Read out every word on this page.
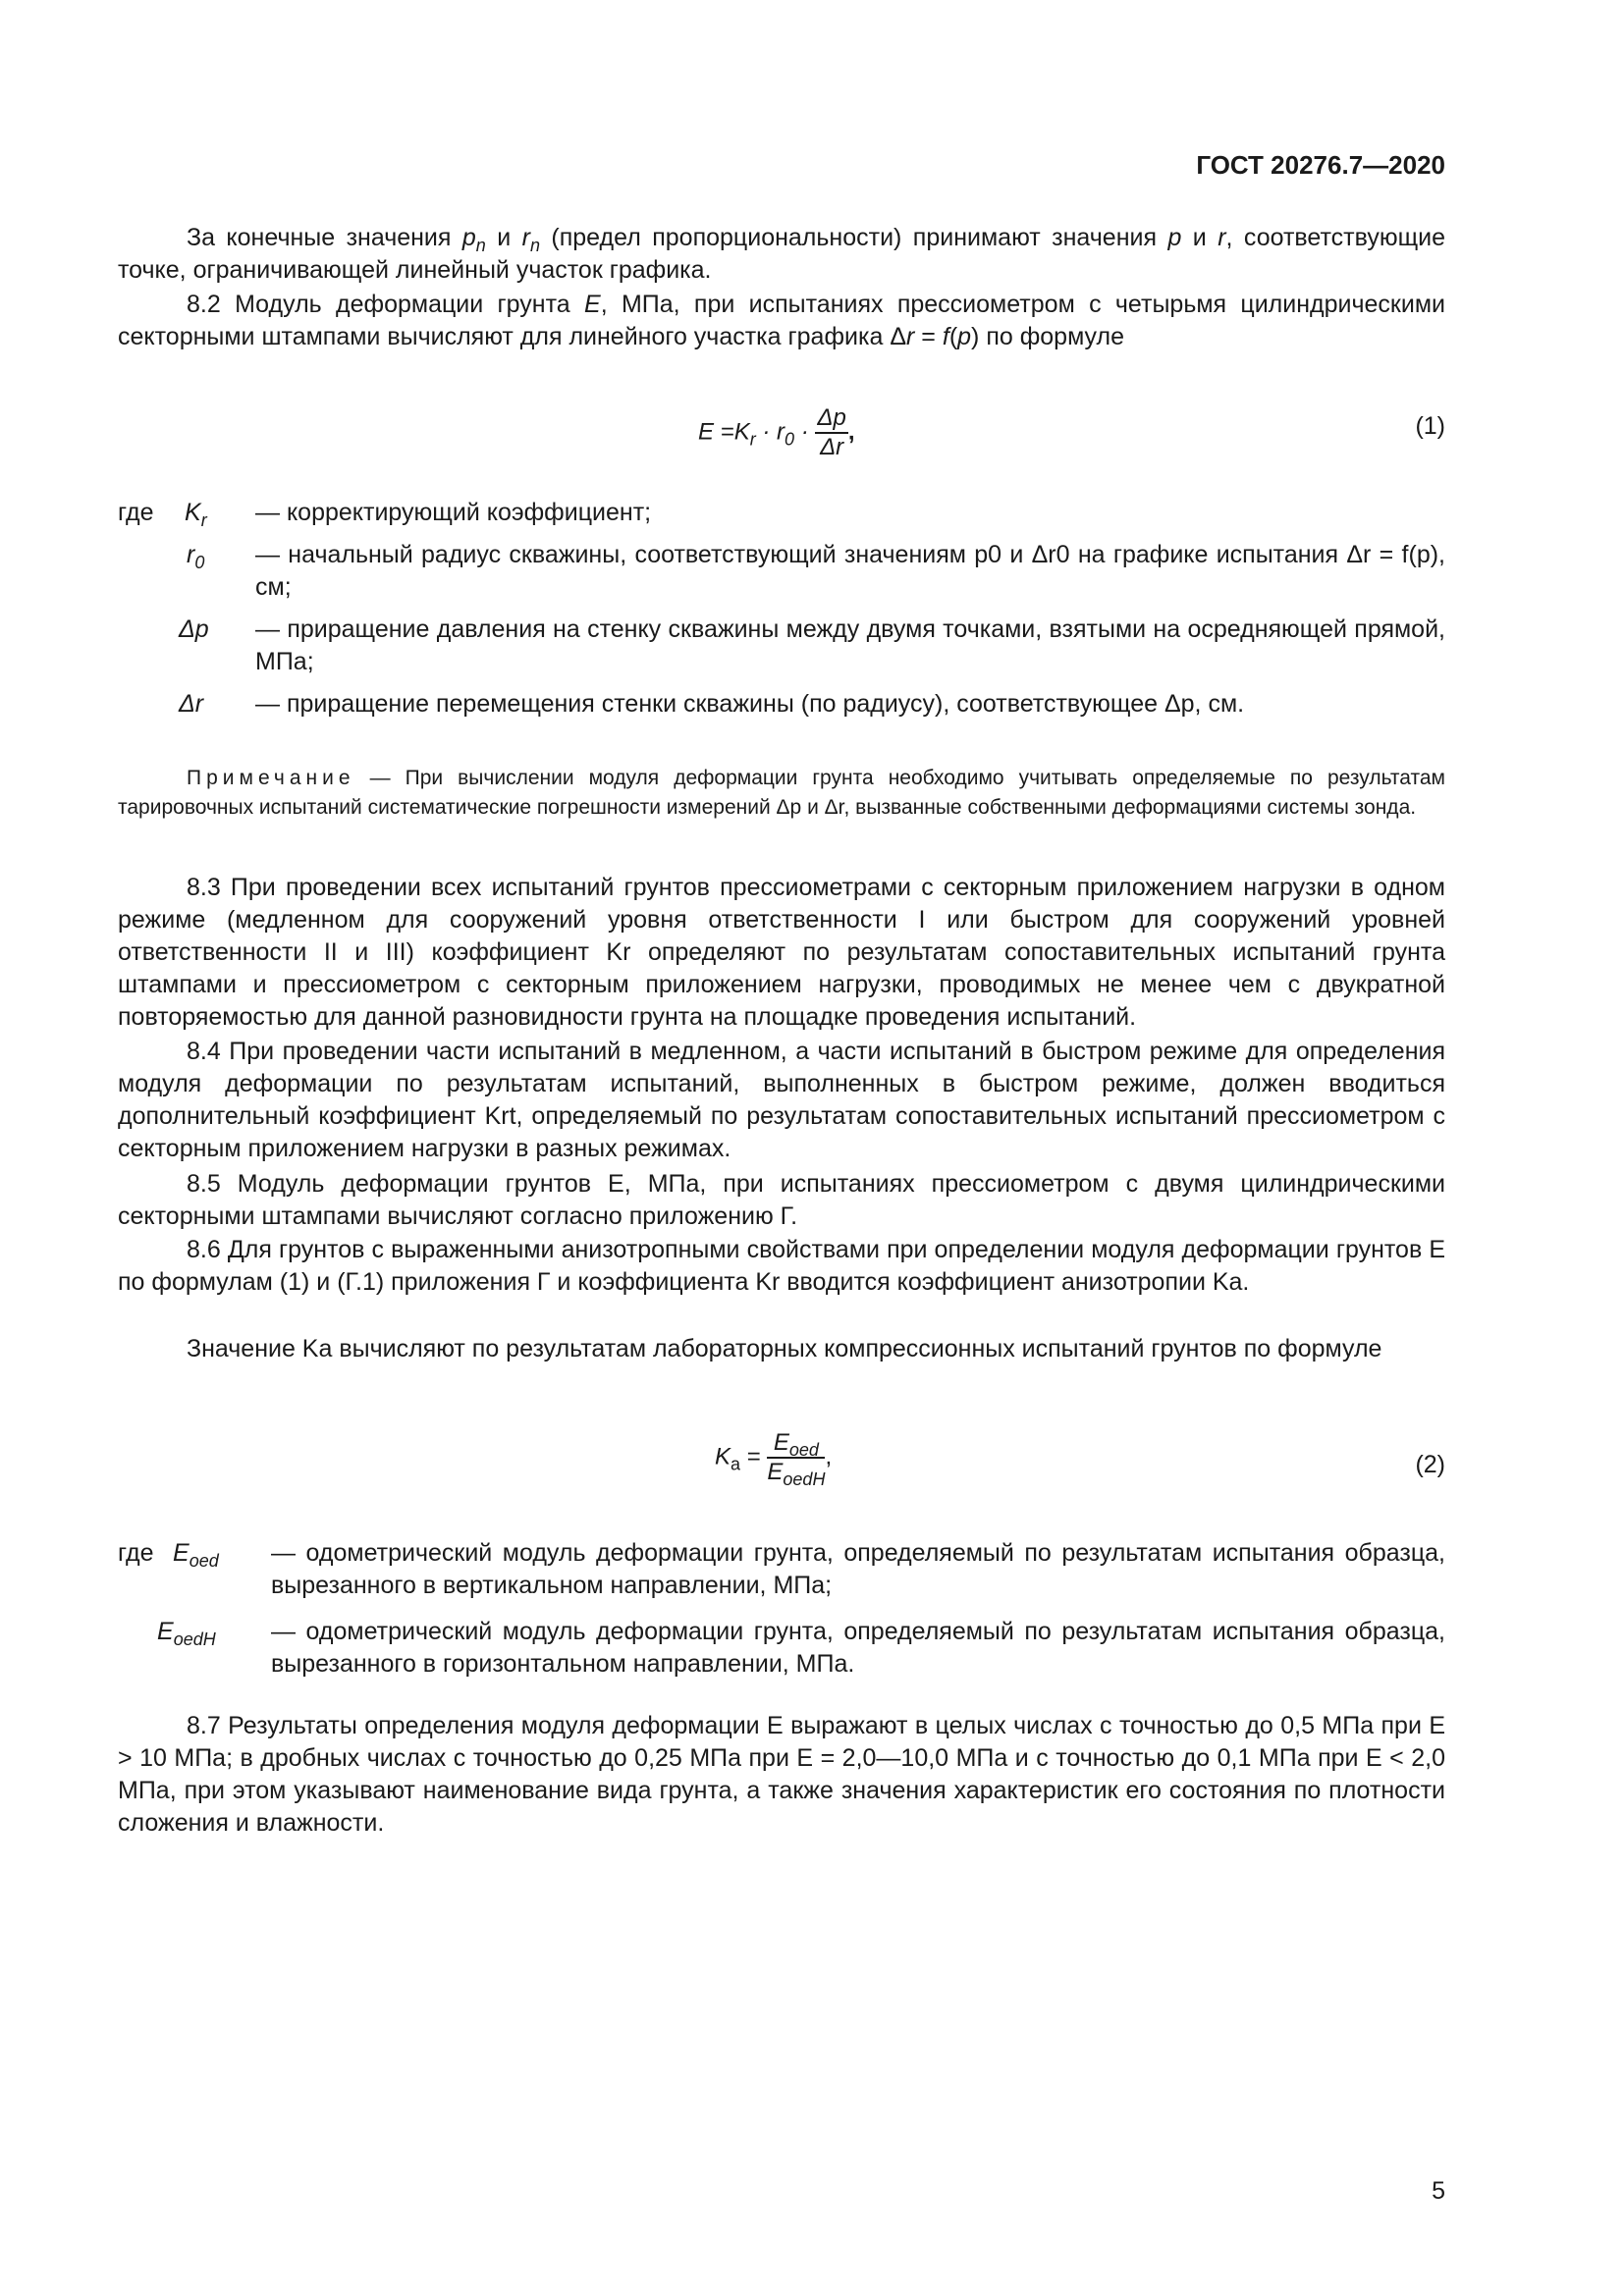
ГОСТ 20276.7—2020
За конечные значения $p_n$ и $r_n$ (предел пропорциональности) принимают значения p и r, соответствующие точке, ограничивающей линейный участок графика.
8.2 Модуль деформации грунта E, МПа, при испытаниях прессиометром с четырьмя цилиндрическими секторными штампами вычисляют для линейного участка графика Δr = f(p) по формуле
$E =K_r \cdot r_0 \cdot \frac{\Delta p}{\Delta r}$ ,	(1)
где $K_r$	— корректирующий коэффициент;
$r_0$	— начальный радиус скважины, соответствующий значениям p0 и Δr0 на графике испытания Δr = f(p), см;
Δp	— приращение давления на стенку скважины между двумя точками, взятыми на осредняющей прямой, МПа;
Δr	— приращение перемещения стенки скважины (по радиусу), соответствующее Δp, см.
Примечание — При вычислении модуля деформации грунта необходимо учитывать определяемые по результатам тарировочных испытаний систематические погрешности измерений Δp и Δr, вызванные собственными деформациями системы зонда.
8.3 При проведении всех испытаний грунтов прессиометрами с секторным приложением нагрузки в одном режиме (медленном для сооружений уровня ответственности I или быстром для сооружений уровней ответственности II и III) коэффициент Kr определяют по результатам сопоставительных испытаний грунта штампами и прессиометром с секторным приложением нагрузки, проводимых не менее чем с двукратной повторяемостью для данной разновидности грунта на площадке проведения испытаний.
8.4 При проведении части испытаний в медленном, а части испытаний в быстром режиме для определения модуля деформации по результатам испытаний, выполненных в быстром режиме, должен вводиться дополнительный коэффициент Krt, определяемый по результатам сопоставительных испытаний прессиометром с секторным приложением нагрузки в разных режимах.
8.5 Модуль деформации грунтов E, МПа, при испытаниях прессиометром с двумя цилиндрическими секторными штампами вычисляют согласно приложению Г.
8.6 Для грунтов с выраженными анизотропными свойствами при определении модуля деформации грунтов E по формулам (1) и (Г.1) приложения Г и коэффициента Kr вводится коэффициент анизотропии Ka.
Значение Ka вычисляют по результатам лабораторных компрессионных испытаний грунтов по формуле
$K_a = \frac{E_{oed}}{E_{oedH}}$ ,	(2)
где $E_{oed}$	— одометрический модуль деформации грунта, определяемый по результатам испытания образца, вырезанного в вертикальном направлении, МПа;
$E_{oedH}$	— одометрический модуль деформации грунта, определяемый по результатам испытания образца, вырезанного в горизонтальном направлении, МПа.
8.7 Результаты определения модуля деформации E выражают в целых числах с точностью до 0,5 МПа при E > 10 МПа; в дробных числах с точностью до 0,25 МПа при E = 2,0—10,0 МПа и с точностью до 0,1 МПа при E < 2,0 МПа, при этом указывают наименование вида грунта, а также значения характеристик его состояния по плотности сложения и влажности.
5
